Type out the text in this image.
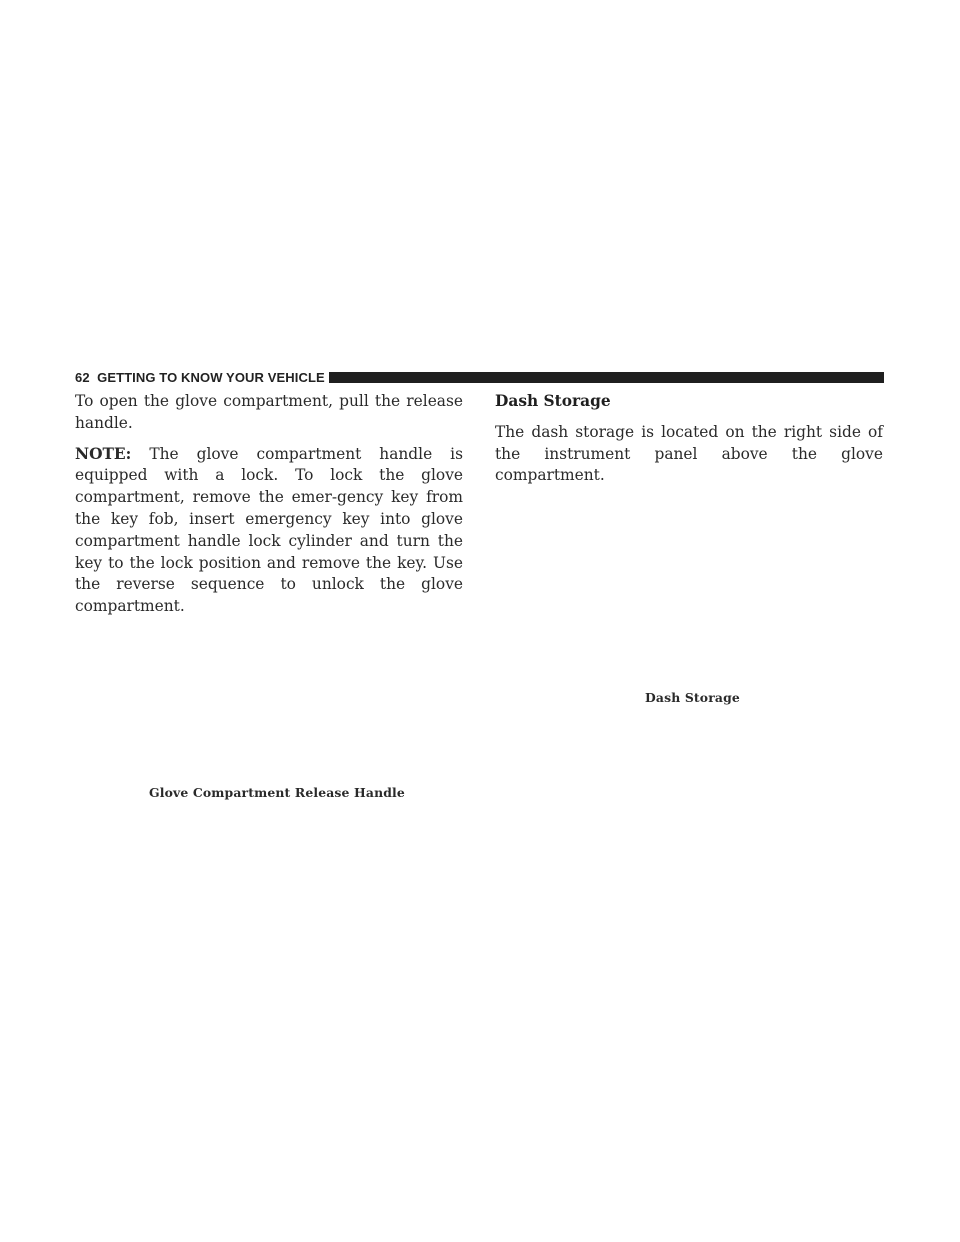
62 GETTING TO KNOW YOUR VEHICLE

To open the glove compartment, pull the release handle.

NOTE: The glove compartment handle is equipped with a lock. To lock the glove compartment, remove the emer-gency key from the key fob, insert emergency key into glove compartment handle lock cylinder and turn the key to the lock position and remove the key. Use the reverse sequence to unlock the glove compartment.

Glove Compartment Release Handle
Dash Storage

The dash storage is located on the right side of the instrument panel above the glove compartment.

Dash Storage
